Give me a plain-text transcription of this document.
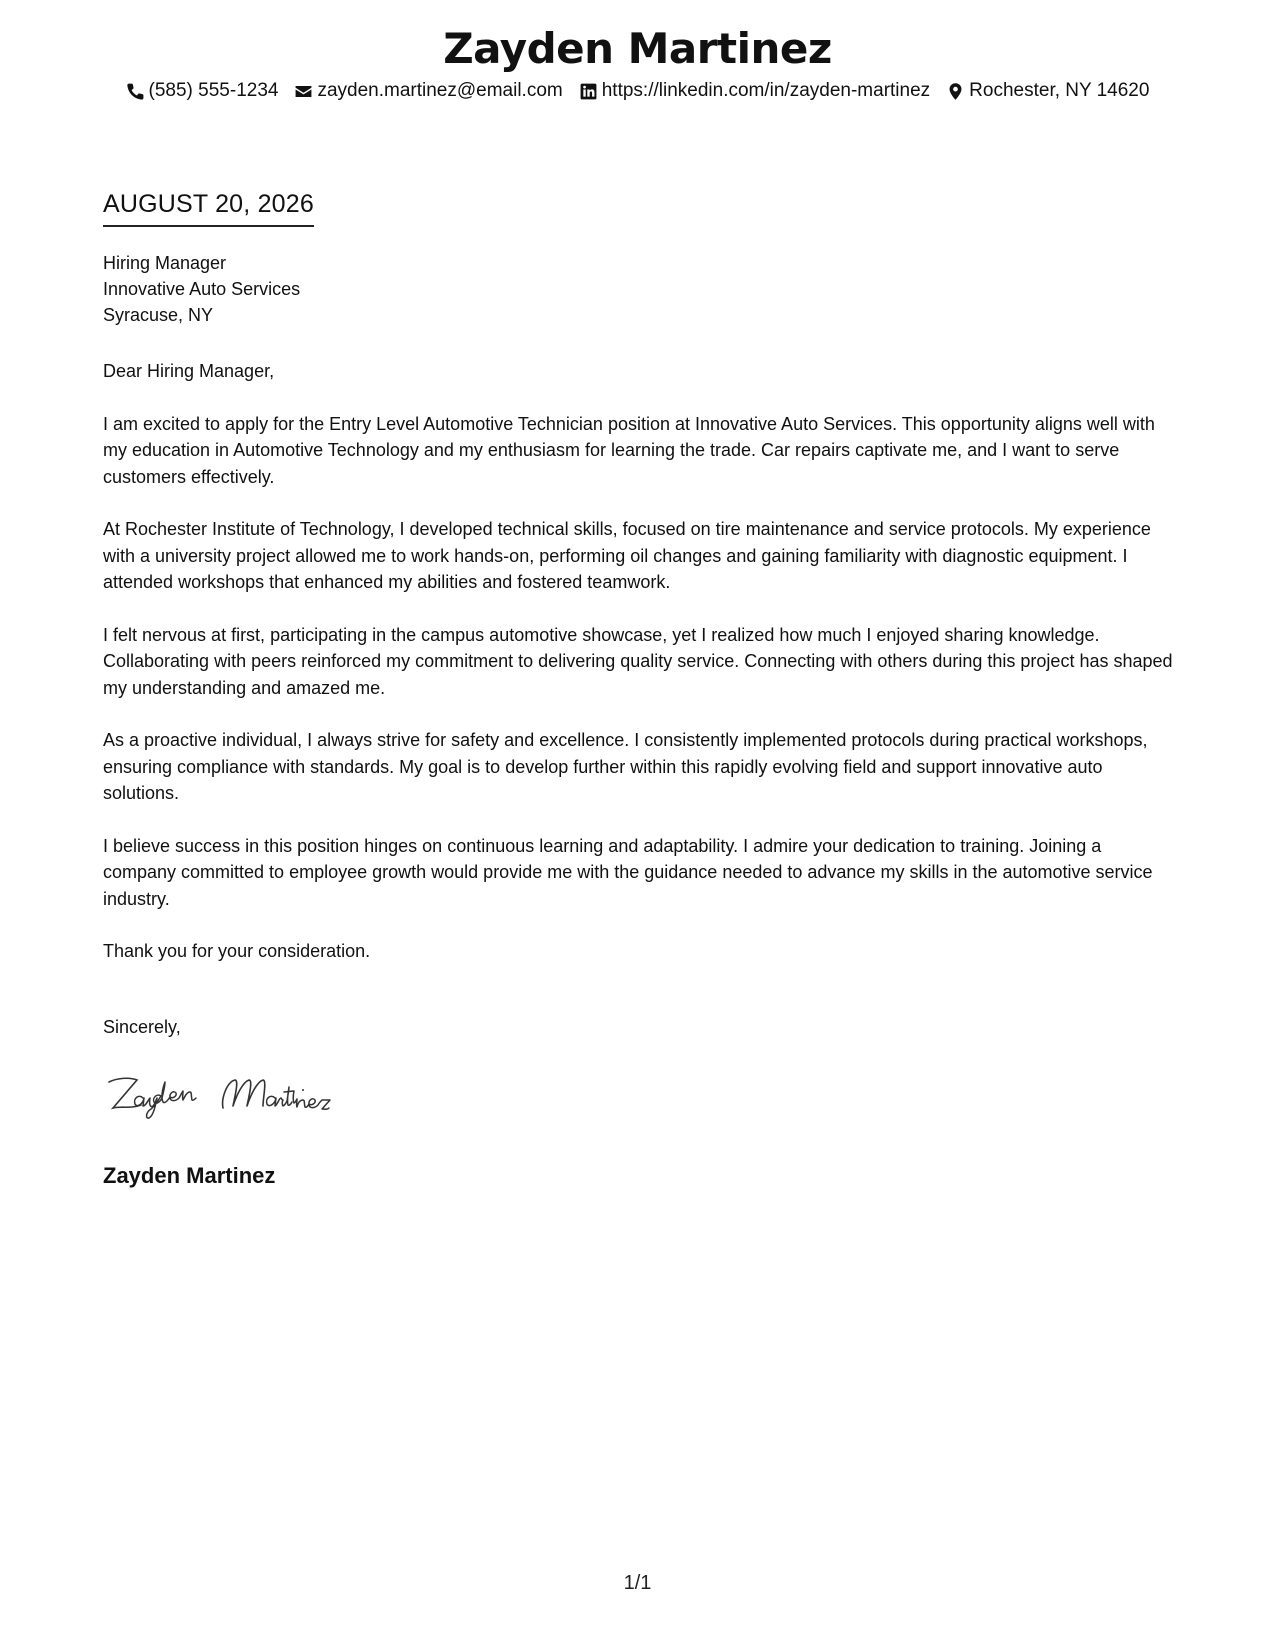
Zayden Martinez
(585) 555-1234 zayden.martinez@email.com https://linkedin.com/in/zayden-martinez Rochester, NY 14620
AUGUST 20, 2026
Hiring Manager
Innovative Auto Services
Syracuse, NY

Dear Hiring Manager,

I am excited to apply for the Entry Level Automotive Technician position at Innovative Auto Services. This opportunity aligns well with my education in Automotive Technology and my enthusiasm for learning the trade. Car repairs captivate me, and I want to serve customers effectively.

At Rochester Institute of Technology, I developed technical skills, focused on tire maintenance and service protocols. My experience with a university project allowed me to work hands-on, performing oil changes and gaining familiarity with diagnostic equipment. I attended workshops that enhanced my abilities and fostered teamwork.

I felt nervous at first, participating in the campus automotive showcase, yet I realized how much I enjoyed sharing knowledge. Collaborating with peers reinforced my commitment to delivering quality service. Connecting with others during this project has shaped my understanding and amazed me.

As a proactive individual, I always strive for safety and excellence. I consistently implemented protocols during practical workshops, ensuring compliance with standards. My goal is to develop further within this rapidly evolving field and support innovative auto solutions.

I believe success in this position hinges on continuous learning and adaptability. I admire your dedication to training. Joining a company committed to employee growth would provide me with the guidance needed to advance my skills in the automotive service industry.

Thank you for your consideration.

Sincerely,
Zayden Martinez
1/1
